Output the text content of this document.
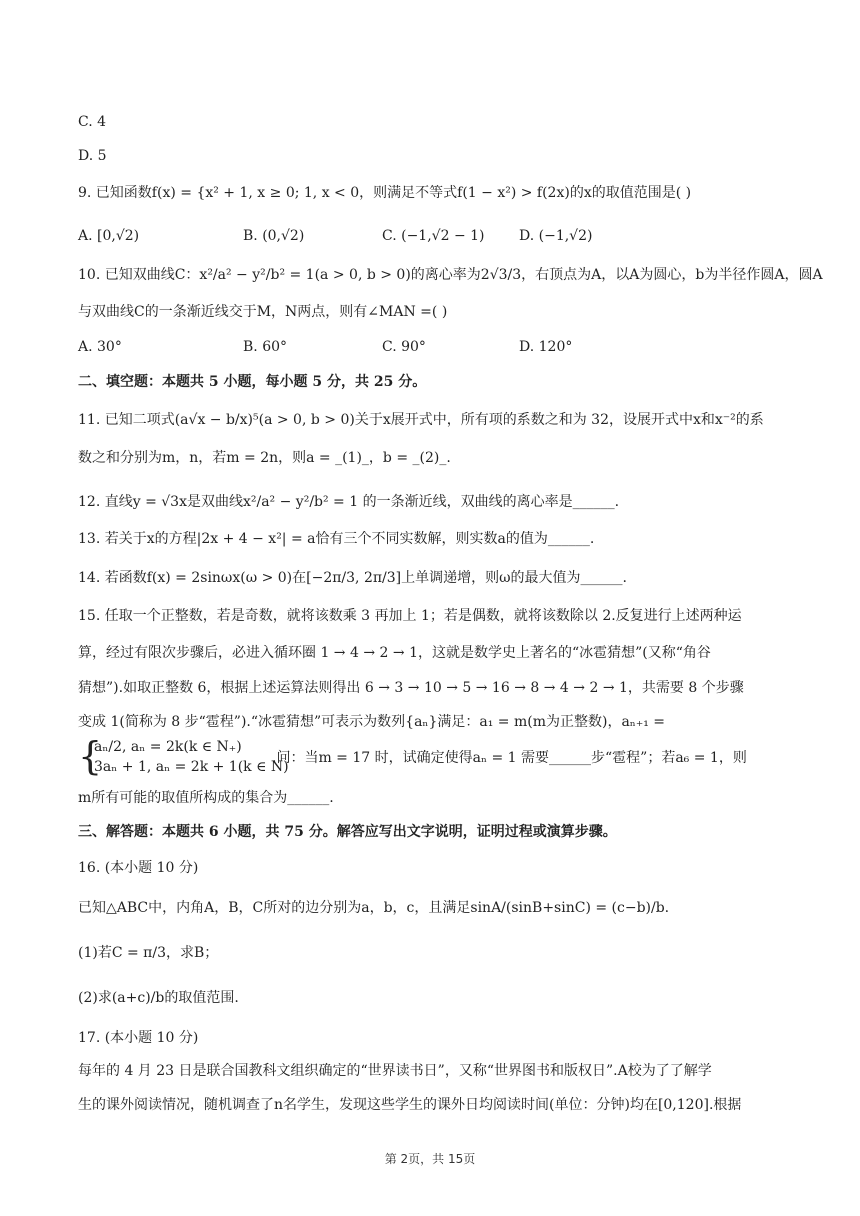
C. 4
D. 5
9. 已知函数f(x) = {x² + 1, x ≥ 0; 1, x < 0，则满足不等式f(1 − x²) > f(2x)的x的取值范围是( )
A. [0,√2)	B. (0,√2)	C. (−1,√2 − 1) D. (−1,√2)
10. 已知双曲线C：x²/a² − y²/b² = 1(a > 0, b > 0)的离心率为2√3/3，右顶点为A，以A为圆心，b为半径作圆A，圆A
与双曲线C的一条渐近线交于M，N两点，则有∠MAN =( )
A. 30°	B. 60°	C. 90°	D. 120°
二、填空题：本题共 5 小题，每小题 5 分，共 25 分。
11. 已知二项式(a√x − b/x)⁵(a > 0, b > 0)关于x展开式中，所有项的系数之和为 32，设展开式中x和x⁻²的系
数之和分别为m，n，若m = 2n，则a = _(1)_，b = _(2)_.
12. 直线y = √3x是双曲线x²/a² − y²/b² = 1 的一条渐近线，双曲线的离心率是______.
13. 若关于x的方程|2x + 4 − x²| = a恰有三个不同实数解，则实数a的值为______.
14. 若函数f(x) = 2sinωx(ω > 0)在[−2π/3, 2π/3]上单调递增，则ω的最大值为______.
15. 任取一个正整数，若是奇数，就将该数乘 3 再加上 1；若是偶数，就将该数除以 2.反复进行上述两种运
算，经过有限次步骤后，必进入循环圈 1 → 4 → 2 → 1，这就是数学史上著名的“冰雹猜想”(又称“角谷
猜想”).如取正整数 6，根据上述运算法则得出 6 → 3 → 10 → 5 → 16 → 8 → 4 → 2 → 1，共需要 8 个步骤
变成 1(简称为 8 步“雹程”).“冰雹猜想”可表示为数列{aₙ}满足：a₁ = m(m为正整数)，aₙ₊₁ =
{
aₙ/2, aₙ = 2k(k ∈ N₊)
3aₙ + 1, aₙ = 2k + 1(k ∈ N)
.问：当m = 17 时，试确定使得aₙ = 1 需要______步“雹程”；若a₆ = 1，则
m所有可能的取值所构成的集合为______.
三、解答题：本题共 6 小题，共 75 分。解答应写出文字说明，证明过程或演算步骤。
16. (本小题 10 分)
已知△ABC中，内角A，B，C所对的边分别为a，b，c，且满足sinA/(sinB+sinC) = (c−b)/b.
(1)若C = π/3，求B；
(2)求(a+c)/b的取值范围.
17. (本小题 10 分)
每年的 4 月 23 日是联合国教科文组织确定的“世界读书日”，又称“世界图书和版权日”.A校为了了解学
生的课外阅读情况，随机调查了n名学生，发现这些学生的课外日均阅读时间(单位：分钟)均在[0,120].根据
第 2页，共 15页
